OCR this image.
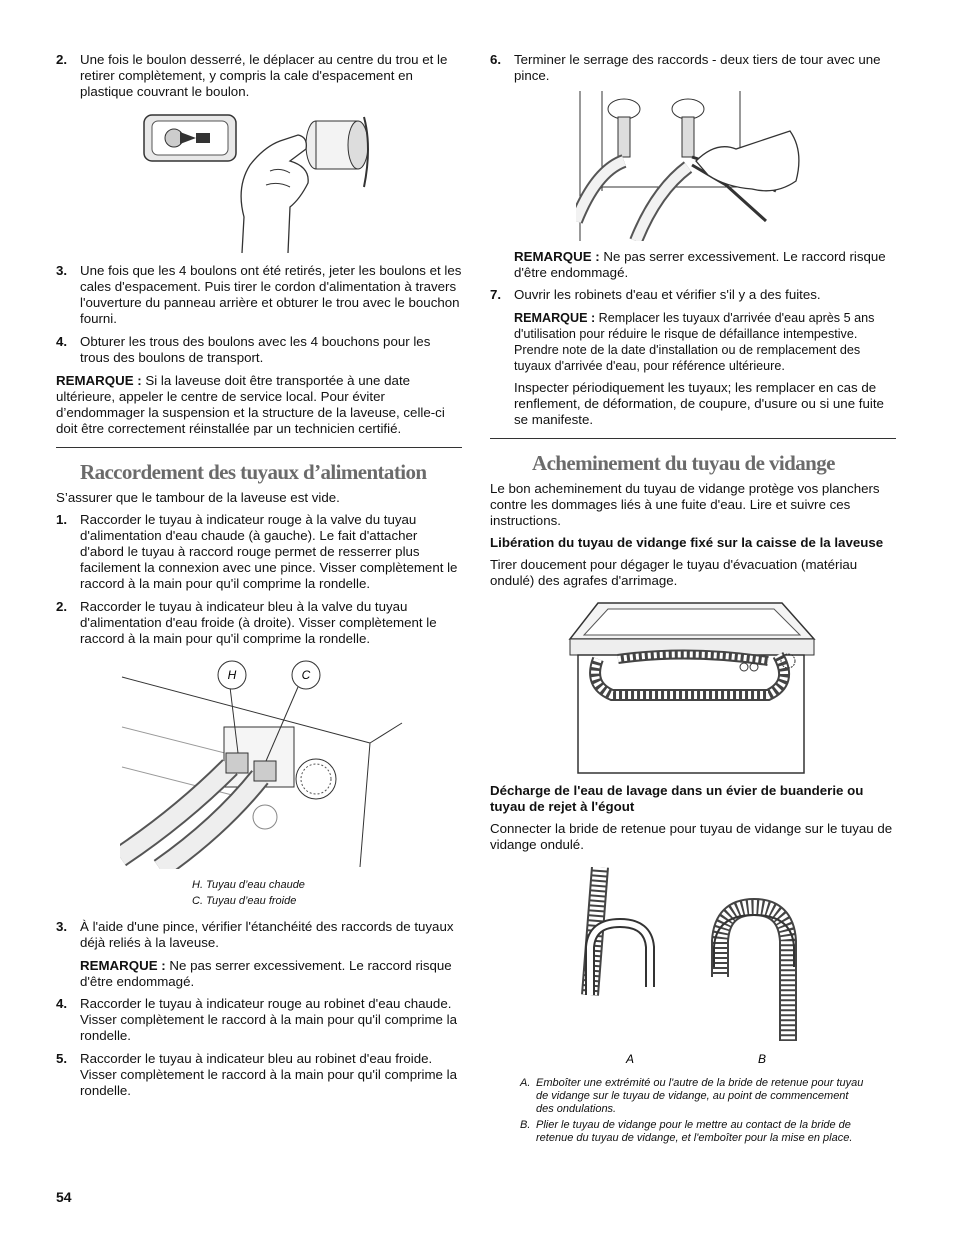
2. Une fois le boulon desserré, le déplacer au centre du trou et le retirer complètement, y compris la cale d'espacement en plastique couvrant le boulon.
3. Une fois que les 4 boulons ont été retirés, jeter les boulons et les cales d'espacement. Puis tirer le cordon d'alimentation à travers l'ouverture du panneau arrière et obturer le trou avec le bouchon fourni.
4. Obturer les trous des boulons avec les 4 bouchons pour les trous des boulons de transport.

REMARQUE : Si la laveuse doit être transportée à une date ultérieure, appeler le centre de service local. Pour éviter d’endommager la suspension et la structure de la laveuse, celle-ci doit être correctement réinstallée par un technicien certifié.

Raccordement des tuyaux d’alimentation

S’assurer que le tambour de la laveuse est vide.

1. Raccorder le tuyau à indicateur rouge à la valve du tuyau d'alimentation d'eau chaude (à gauche). Le fait d'attacher d'abord le tuyau à raccord rouge permet de resserrer plus facilement la connexion avec une pince. Visser complètement le raccord à la main pour qu'il comprime la rondelle.
2. Raccorder le tuyau à indicateur bleu à la valve du tuyau d'alimentation d'eau froide (à droite). Visser complètement le raccord à la main pour qu'il comprime la rondelle.
H	C

H. Tuyau d’eau chaude

C. Tuyau d’eau froide

3. À l'aide d'une pince, vérifier l'étanchéité des raccords de tuyaux déjà reliés à la laveuse.

REMARQUE : Ne pas serrer excessivement. Le raccord risque d'être endommagé.

4. Raccorder le tuyau à indicateur rouge au robinet d'eau chaude. Visser complètement le raccord à la main pour qu'il comprime la rondelle.
5. Raccorder le tuyau à indicateur bleu au robinet d'eau froide. Visser complètement le raccord à la main pour qu'il comprime la rondelle.
6. Terminer le serrage des raccords - deux tiers de tour avec une pince.

REMARQUE : Ne pas serrer excessivement. Le raccord risque d'être endommagé.

7. Ouvrir les robinets d'eau et vérifier s'il y a des fuites.

REMARQUE : Remplacer les tuyaux d'arrivée d'eau après 5 ans d'utilisation pour réduire le risque de défaillance intempestive. Prendre note de la date d'installation ou de remplacement des tuyaux d'arrivée d'eau, pour référence ultérieure.

Inspecter périodiquement les tuyaux; les remplacer en cas de renflement, de déformation, de coupure, d'usure ou si une fuite se manifeste.

Acheminement du tuyau de vidange

Le bon acheminement du tuyau de vidange protège vos planchers contre les dommages liés à une fuite d'eau. Lire et suivre ces instructions.

Libération du tuyau de vidange fixé sur la caisse de la laveuse

Tirer doucement pour dégager le tuyau d'évacuation (matériau ondulé) des agrafes d'arrimage.

Décharge de l'eau de lavage dans un évier de buanderie ou tuyau de rejet à l'égout

Connecter la bride de retenue pour tuyau de vidange sur le tuyau de vidange ondulé.

A	B
A. Emboîter une extrémité ou l'autre de la bride de retenue pour tuyau de vidange sur le tuyau de vidange, au point de commencement des ondulations.
B. Plier le tuyau de vidange pour le mettre au contact de la bride de retenue du tuyau de vidange, et l'emboîter pour la mise en place.
54
